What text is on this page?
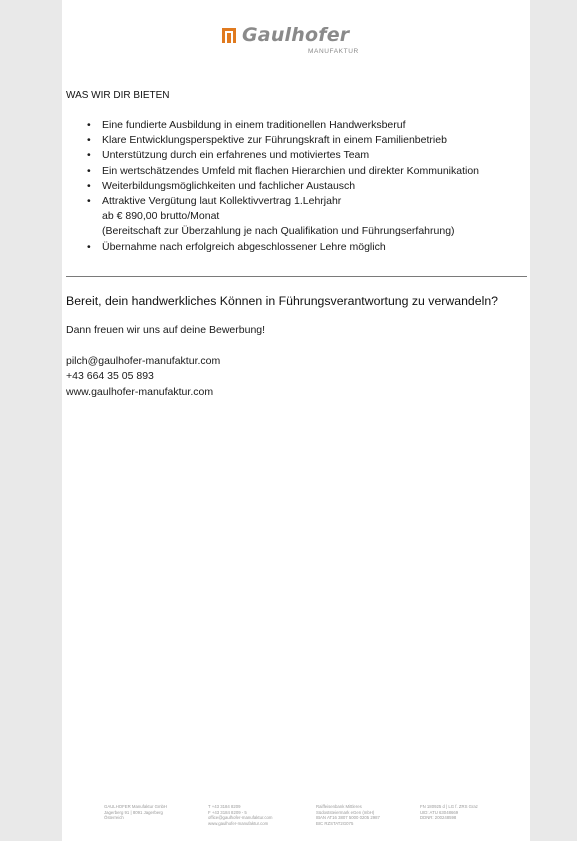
Gaulhofer
MANUFAKTUR
WAS WIR DIR BIETEN
• Eine fundierte Ausbildung in einem traditionellen Handwerksberuf
• Klare Entwicklungsperspektive zur Führungskraft in einem Familienbetrieb
• Unterstützung durch ein erfahrenes und motiviertes Team
• Ein wertschätzendes Umfeld mit flachen Hierarchien und direkter Kommunikation
• Weiterbildungsmöglichkeiten und fachlicher Austausch
• Attraktive Vergütung laut Kollektivvertrag 1.Lehrjahr
ab € 890,00 brutto/Monat
(Bereitschaft zur Überzahlung je nach Qualifikation und Führungserfahrung)
• Übernahme nach erfolgreich abgeschlossener Lehre möglich
Bereit, dein handwerkliches Können in Führungsverantwortung zu verwandeln?
Dann freuen wir uns auf deine Bewerbung!
pilch@gaulhofer-manufaktur.com
+43 664 35 05 893
www.gaulhofer-manufaktur.com
GAULHOFER Manufaktur GmbH
Jagerberg 91 | 8091 Jagerberg
Österreich
T +43 3184 8209
F +43 3184 8209 - 5
office@gaulhofer-manufaktur.com
www.gaulhofer-manufaktur.com
Raiffeisenbank Mittleres
Südoststeiermark eGen (mbH)
IBAN AT16 3807 5000 0205 2987
BIC RZSTAT2G075
FN 180925 d | LG f. ZRS Graz
UID: ATU 63048669
DDNR: 200248598
